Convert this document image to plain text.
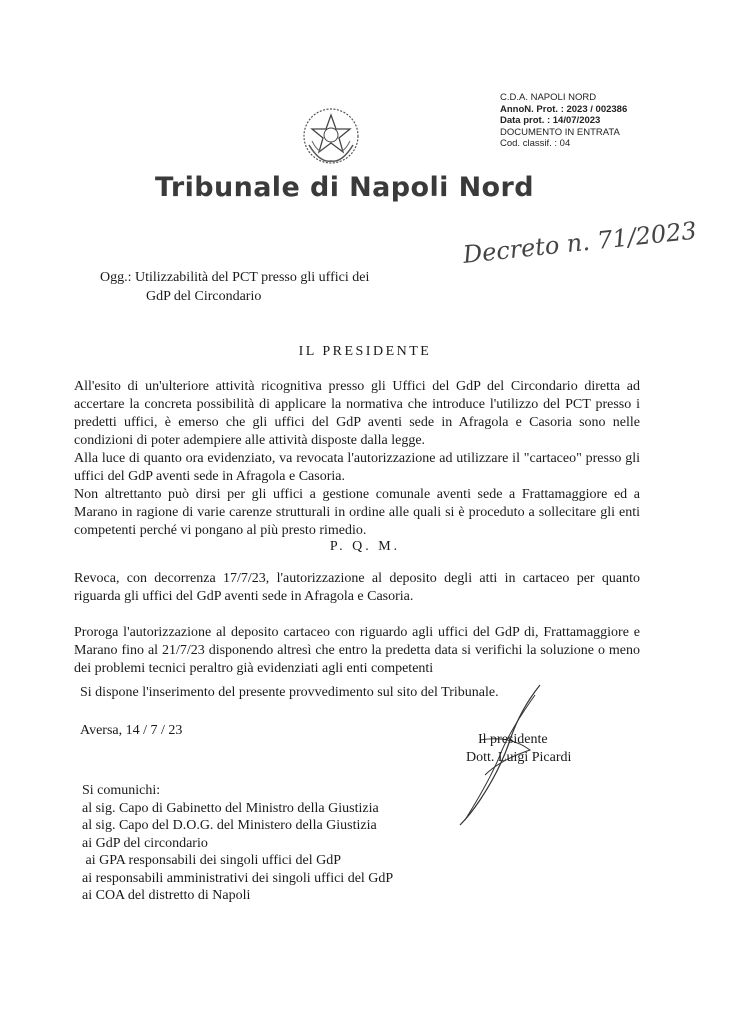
C.D.A. NAPOLI NORD
AnnoN. Prot. : 2023 / 002386
Data prot. : 14/07/2023
DOCUMENTO IN ENTRATA
Cod. classif. : 04
Tribunale di Napoli Nord
Decreto n. 71/2023
Ogg.: Utilizzabilità del PCT presso gli uffici dei
GdP del Circondario
IL PRESIDENTE
All'esito di un'ulteriore attività ricognitiva presso gli Uffici del GdP del Circondario diretta ad accertare la concreta possibilità di applicare la normativa che introduce l'utilizzo del PCT presso i predetti uffici, è emerso che gli uffici del GdP aventi sede in Afragola e Casoria sono nelle condizioni di poter adempiere alle attività disposte dalla legge.
Alla luce di quanto ora evidenziato, va revocata l'autorizzazione ad utilizzare il "cartaceo" presso gli uffici del GdP aventi sede in Afragola e Casoria.
Non altrettanto può dirsi per gli uffici a gestione comunale aventi sede a Frattamaggiore ed a Marano in ragione di varie carenze strutturali in ordine alle quali si è proceduto a sollecitare gli enti competenti perché vi pongano al più presto rimedio.
P. Q. M.
Revoca, con decorrenza 17/7/23, l'autorizzazione al deposito degli atti in cartaceo per quanto riguarda gli uffici del GdP aventi sede in Afragola e Casoria.
Proroga l'autorizzazione al deposito cartaceo con riguardo agli uffici del GdP di, Frattamaggiore e Marano fino al 21/7/23 disponendo altresì che entro la predetta data si verifichi la soluzione o meno dei problemi tecnici peraltro già evidenziati agli enti competenti
Si dispone l'inserimento del presente provvedimento sul sito del Tribunale.
Aversa, 14 / 7 / 23
Il presidente
Dott. Luigi Picardi
Si comunichi:
al sig. Capo di Gabinetto del Ministro della Giustizia
al sig. Capo del D.O.G. del Ministero della Giustizia
ai GdP del circondario
ai GPA responsabili dei singoli uffici del GdP
ai responsabili amministrativi dei singoli uffici del GdP
ai COA del distretto di Napoli
